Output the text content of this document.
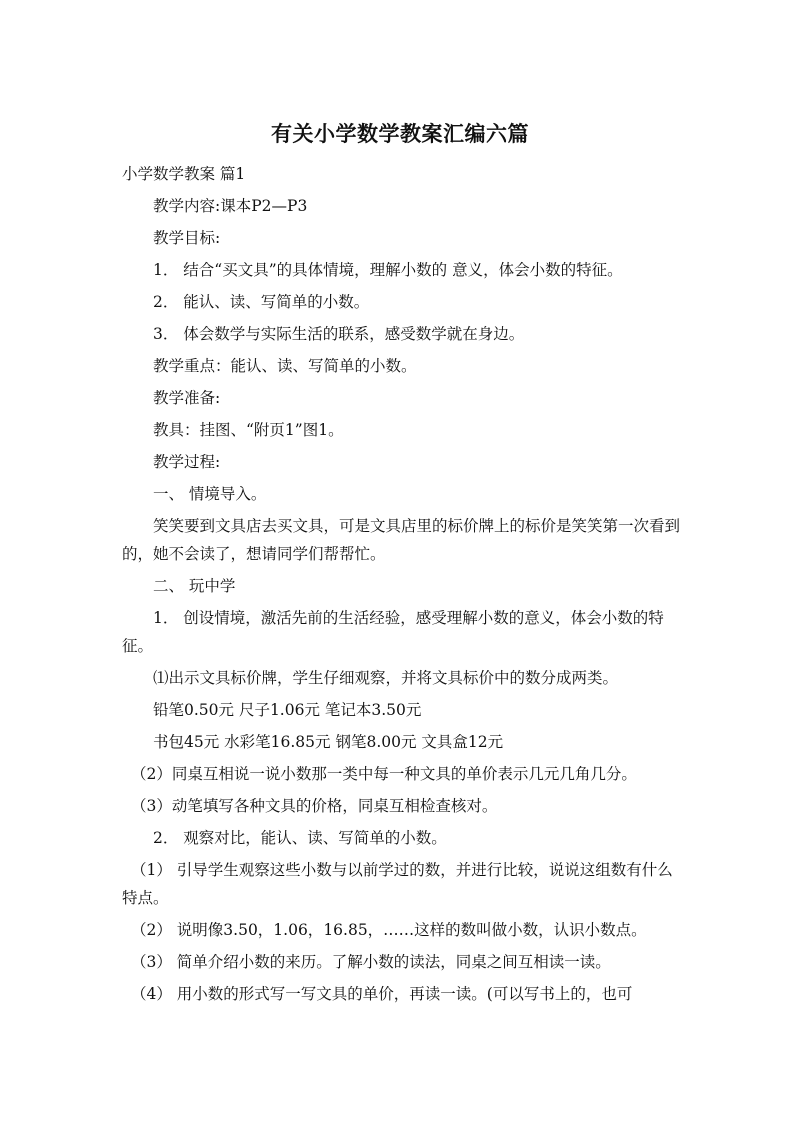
有关小学数学教案汇编六篇

小学数学教案 篇1

教学内容:课本P2—P3

教学目标:

1． 结合“买文具”的具体情境，理解小数的 意义，体会小数的特征。

2． 能认、读、写简单的小数。

3． 体会数学与实际生活的联系，感受数学就在身边。

教学重点：能认、读、写简单的小数。

教学准备:

教具：挂图、“附页1”图1。

教学过程:

一、 情境导入。

笑笑要到文具店去买文具，可是文具店里的标价牌上的标价是笑笑第一次看到的，她不会读了，想请同学们帮帮忙。

二、 玩中学

1． 创设情境，激活先前的生活经验，感受理解小数的意义，体会小数的特征。

⑴出示文具标价牌，学生仔细观察，并将文具标价中的数分成两类。

铅笔0.50元 尺子1.06元 笔记本3.50元

书包45元 水彩笔16.85元 钢笔8.00元 文具盒12元

（2）同桌互相说一说小数那一类中每一种文具的单价表示几元几角几分。

（3）动笔填写各种文具的价格，同桌互相检查核对。

2． 观察对比，能认、读、写简单的小数。

（1） 引导学生观察这些小数与以前学过的数，并进行比较，说说这组数有什么特点。

（2） 说明像3.50，1.06，16.85，……这样的数叫做小数，认识小数点。

（3） 简单介绍小数的来历。了解小数的读法，同桌之间互相读一读。

（4） 用小数的形式写一写文具的单价，再读一读。(可以写书上的，也可
